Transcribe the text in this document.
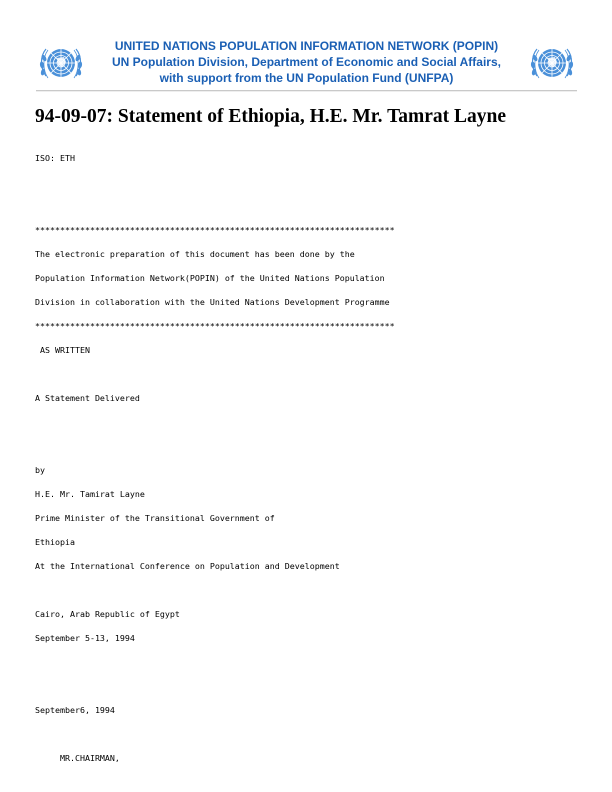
UNITED NATIONS POPULATION INFORMATION NETWORK (POPIN)
UN Population Division, Department of Economic and Social Affairs,
with support from the UN Population Fund (UNFPA)
94-09-07: Statement of Ethiopia, H.E. Mr. Tamrat Layne
ISO: ETH
************************************************************************
The electronic preparation of this document has been done by the
Population Information Network(POPIN) of the United Nations Population
Division in collaboration with the United Nations Development Programme
************************************************************************
AS WRITTEN
A Statement Delivered
by
H.E. Mr. Tamirat Layne
Prime Minister of the Transitional Government of
Ethiopia
At the International Conference on Population and Development
Cairo, Arab Republic of Egypt
September 5-13, 1994
September6, 1994
MR.CHAIRMAN,
